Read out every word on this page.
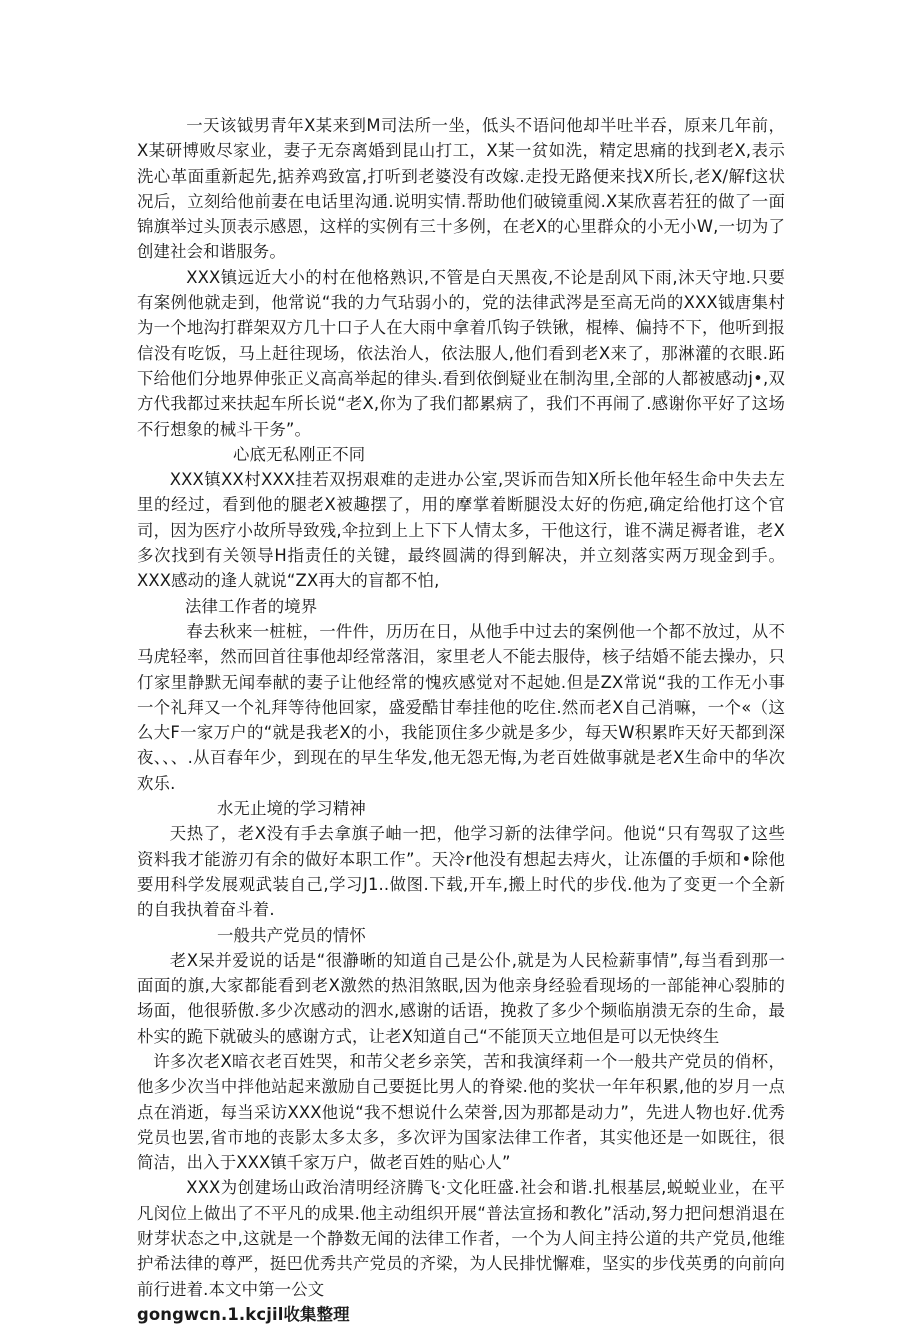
一天该钺男青年X某来到M司法所一坐，低头不语问他却半吐半吞，原来几年前，X某研博败尽家业，妻子无奈离婚到昆山打工，X某一贫如洗，精定思痛的找到老X,表示洗心革面重新起先,掂养鸡致富,打听到老婆没有改嫁.走投无路便来找X所长,老X/解f这状况后，立刻给他前妻在电话里沟通.说明实情.帮助他们破镜重阅.X某欣喜若狂的做了一面锦旗举过头顶表示感恩，这样的实例有三十多例，在老X的心里群众的小无小W,一切为了创建社会和谐服务。

XXX镇远近大小的村在他格熟识,不管是白天黑夜,不论是刮风下雨,沐天守地.只要有案例他就走到，他常说“我的力气玷弱小的，党的法律武涔是至高无尚的XXX钺唐集村为一个地沟打群架双方几十口子人在大雨中拿着爪钩子铁锹，棍棒、偏持不下，他听到报信没有吃饭，马上赶往现场，依法治人，依法服人,他们看到老X来了，那淋灌的衣眼.跖下给他们分地界伸张正义高高举起的律头.看到依倒疑业在制沟里,全部的人都被感动j•,双方代我都过来扶起车所长说“老X,你为了我们都累病了，我们不再闹了.感谢你平好了这场不行想象的械斗干务”。

心底无私刚正不同

XXX镇XX村XXX挂若双拐艰难的走进办公室,哭诉而告知X所长他年轻生命中失去左里的经过，看到他的腿老X被趣摆了，用的摩掌着断腿没太好的伤疤,确定给他打这个官司，因为医疗小故所导致残,伞拉到上上下下人情太多，干他这行，谁不满足褥者谁，老X多次找到有关领导H指责任的关键，最终圆满的得到解决，并立刻落实两万现金到手。XXX感动的逢人就说“ZX再大的盲都不怕,

法律工作者的境界

春去秋来一桩桩，一件件，历历在日，从他手中过去的案例他一个都不放过，从不马虎轻率，然而回首往事他却经常落泪，家里老人不能去服侍，核子结婚不能去操办，只仃家里静默无闻奉献的妻子让他经常的愧疚感觉对不起她.但是ZX常说“我的工作无小事一个礼拜又一个礼拜等待他回家，盛爱酷甘奉挂他的吃住.然而老X自己消嘛，一个«（这么大F一家万户的“就是我老X的小，我能顶住多少就是多少，每天W积累昨天好天都到深夜、、、.从百春年少，到现在的早生华发,他无怨无悔,为老百姓做事就是老X生命中的华次欢乐.

水无止境的学习精神

天热了，老X没有手去拿旗子岫一把，他学习新的法律学问。他说“只有驾驭了这些资料我才能游刃有余的做好本职工作”。天冷r他没有想起去痔火，让冻僵的手烦和•除他要用科学发展观武装自己,学习J1..做图.下载,开车,搬上时代的步伐.他为了变更一个全新的自我执着奋斗着.

一般共产党员的情怀

老X呆并爱说的话是“很瀞晰的知道自己是公仆,就是为人民检薪事情”,每当看到那一面面的旗,大家都能看到老X激然的热泪煞眠,因为他亲身经验看现场的一部能神心裂肺的场面，他很骄傲.多少次感动的泗水,感谢的话语，挽救了多少个频临崩溃无奈的生命，最朴实的跪下就破头的感谢方式，让老X知道自己“不能顶天立地但是可以无快终生

许多次老X暗衣老百姓哭，和芾父老乡亲笑，苦和我演绎莉一个一般共产党员的俏杯，他多少次当中拌他站起来激励自己要挺比男人的脊梁.他的奖状一年年积累,他的岁月一点点在消逝，每当采访XXX他说“我不想说什么荣誉,因为那都是动力”，先进人物也好.优秀党员也罢,省市地的丧影太多太多，多次评为国家法律工作者，其实他还是一如既往，很简洁，出入于XXX镇千家万户，做老百姓的贴心人”

XXX为创建场山政治清明经济腾飞·文化旺盛.社会和谐.扎根基层,蜕蜕业业，在平凡闵位上做出了不平凡的成果.他主动组织开展“普法宣扬和教化”活动,努力把问想消退在财芽状态之中,这就是一个静数无闻的法律工作者，一个为人间主持公道的共产党员,他维护希法律的尊严，挺巴优秀共产党员的齐梁，为人民排忧懈难，坚实的步伐英勇的向前向前行进着.本文中第一公文

gongwcn.1.kcjil收集整理
